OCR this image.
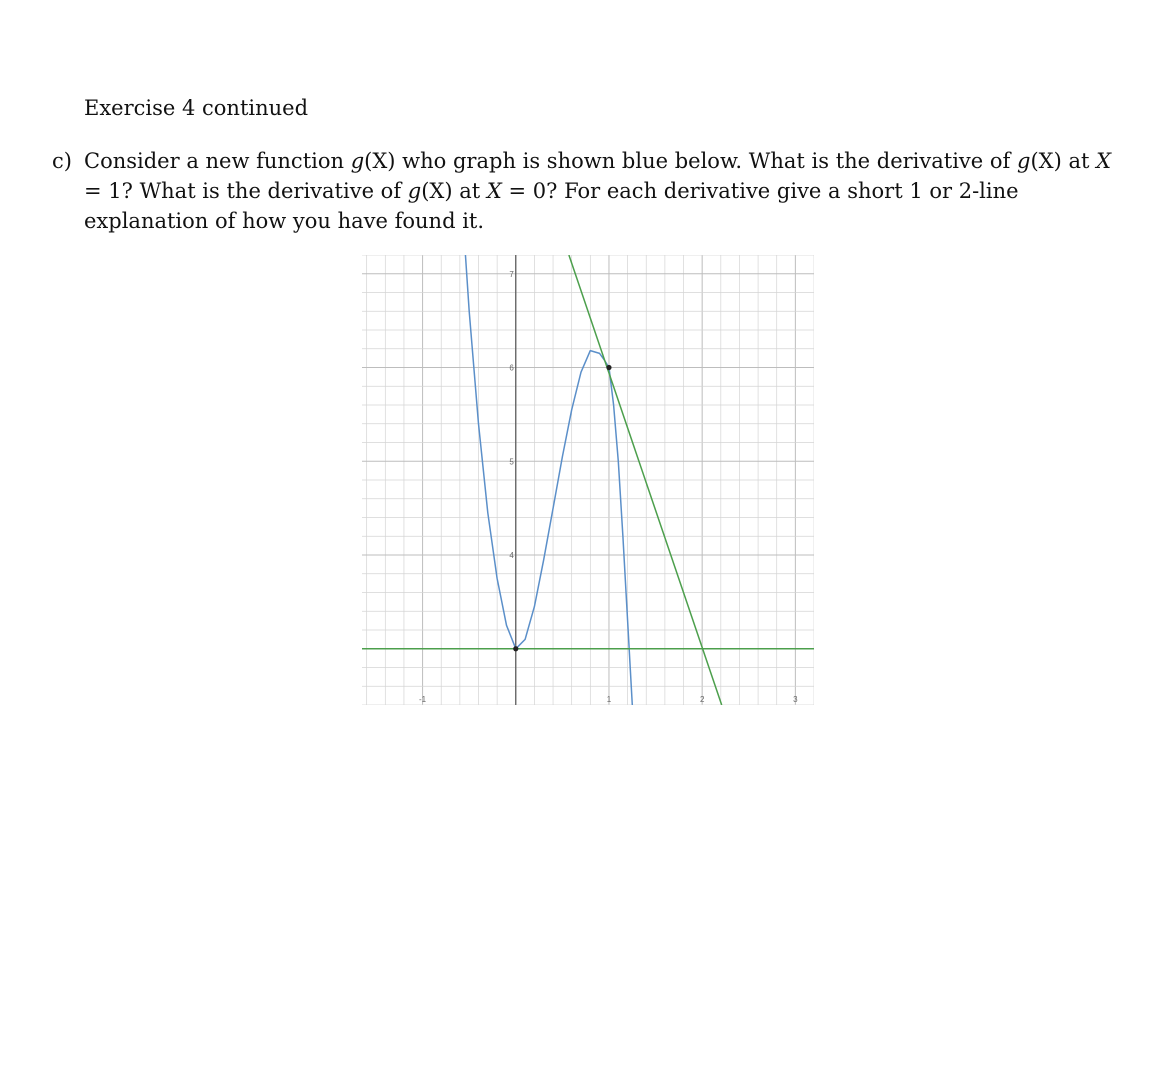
Exercise 4 continued
c) Consider a new function g(X) who graph is shown blue below. What is the derivative of g(X) at X = 1? What is the derivative of g(X) at X = 0? For each derivative give a short 1 or 2-line explanation of how you have found it.
-1	1	2	3
4
5
6
7
